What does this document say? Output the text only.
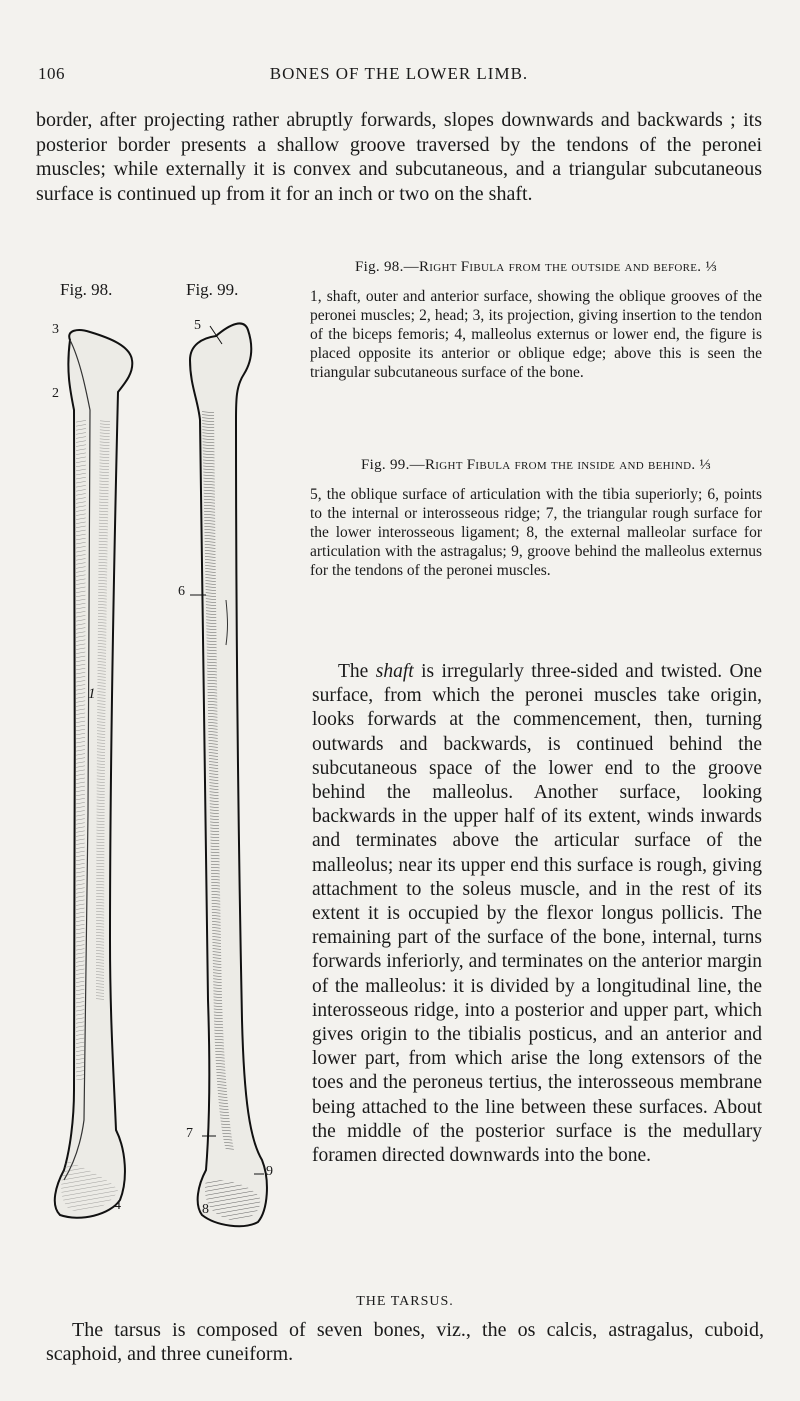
106	BONES OF THE LOWER LIMB.
border, after projecting rather abruptly forwards, slopes downwards and backwards ; its posterior border presents a shallow groove traversed by the tendons of the peronei muscles; while externally it is convex and subcutaneous, and a triangular subcutaneous surface is continued up from it for an inch or two on the shaft.
Fig. 98.	Fig. 99.
3
2
1
4
5
6
7
8
9
Fig. 98.—Right Fibula from the outside and before. ⅓
1, shaft, outer and anterior surface, showing the oblique grooves of the peronei muscles; 2, head; 3, its projection, giving insertion to the tendon of the biceps femoris; 4, malleolus externus or lower end, the figure is placed opposite its anterior or oblique edge; above this is seen the triangular subcutaneous surface of the bone.
Fig. 99.—Right Fibula from the inside and behind. ⅓
5, the oblique surface of articulation with the tibia superiorly; 6, points to the internal or interosseous ridge; 7, the triangular rough surface for the lower interosseous ligament; 8, the external malleolar surface for articulation with the astragalus; 9, groove behind the malleolus externus for the tendons of the peronei muscles.

The shaft is irregularly three-sided and twisted. One surface, from which the peronei muscles take origin, looks forwards at the commencement, then, turning outwards and backwards, is continued behind the subcutaneous space of the lower end to the groove behind the malleolus. Another surface, looking backwards in the upper half of its extent, winds inwards and terminates above the articular surface of the malleolus; near its upper end this surface is rough, giving attachment to the soleus muscle, and in the rest of its extent it is occupied by the flexor longus pollicis. The remaining part of the surface of the bone, internal, turns forwards inferiorly, and terminates on the anterior margin of the malleolus: it is divided by a longitudinal line, the interosseous ridge, into a posterior and upper part, which gives origin to the tibialis posticus, and an anterior and lower part, from which arise the long extensors of the toes and the peroneus tertius, the interosseous membrane being attached to the line between these surfaces. About the middle of the posterior surface is the medullary foramen directed downwards into the bone.

THE TARSUS.
The tarsus is composed of seven bones, viz., the os calcis, astragalus, cuboid, scaphoid, and three cuneiform.
